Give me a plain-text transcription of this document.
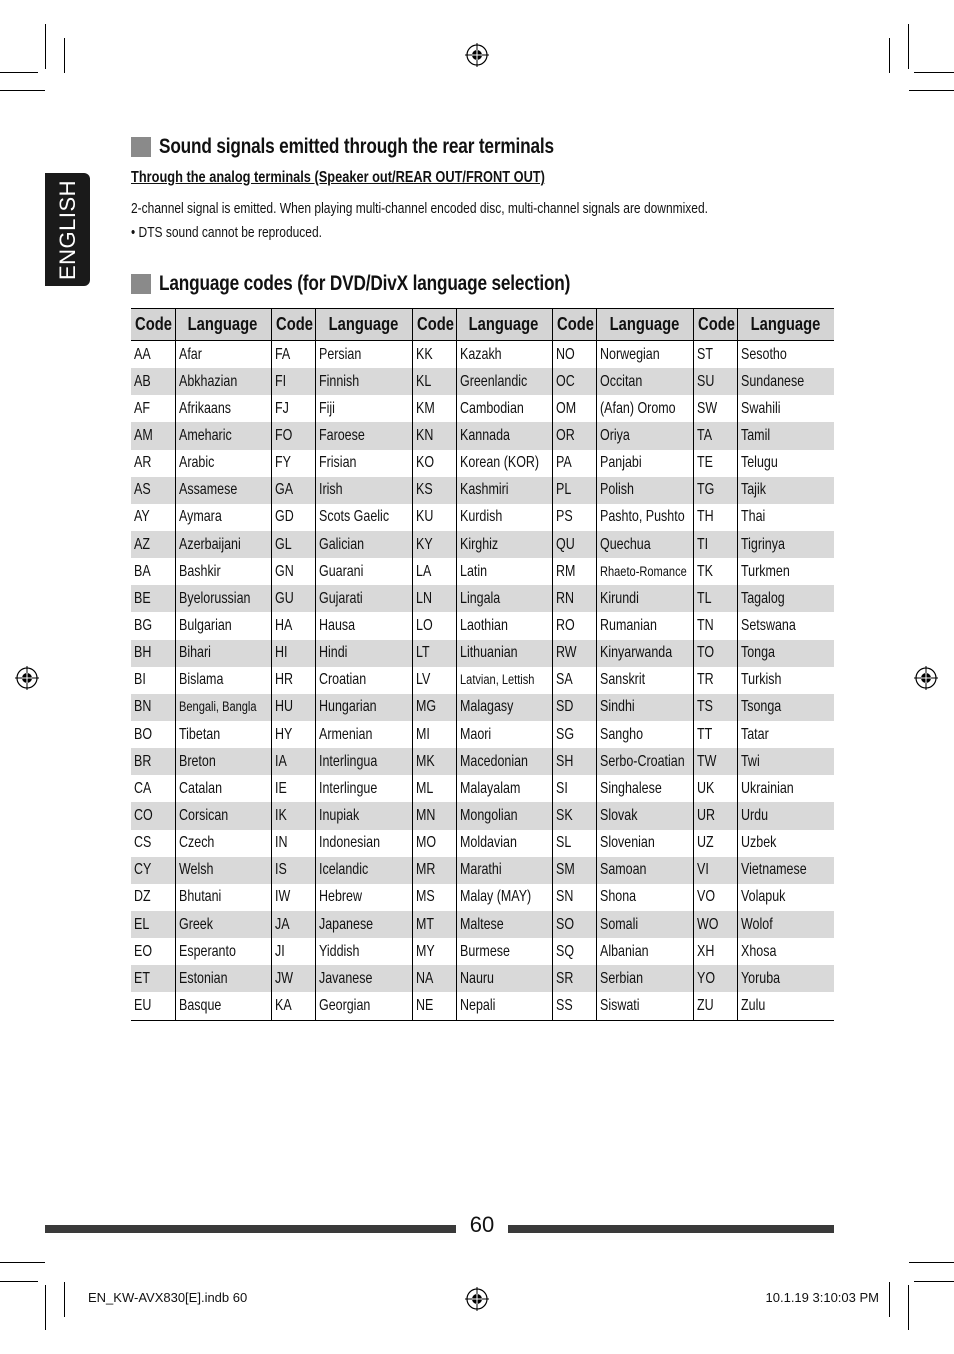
ENGLISH
Sound signals emitted through the rear terminals

Through the analog terminals (Speaker out/REAR OUT/FRONT OUT)

2-channel signal is emitted. When playing multi-channel encoded disc, multi-channel signals are downmixed.

• DTS sound cannot be reproduced.

Language codes (for DVD/DivX language selection)
Code	Language	Code	Language	Code	Language	Code	Language	Code	Language
AA	Afar	FA	Persian	KK	Kazakh	NO	Norwegian	ST	Sesotho
AB	Abkhazian	FI	Finnish	KL	Greenlandic	OC	Occitan	SU	Sundanese
AF	Afrikaans	FJ	Fiji	KM	Cambodian	OM	(Afan) Oromo	SW	Swahili
AM	Ameharic	FO	Faroese	KN	Kannada	OR	Oriya	TA	Tamil
AR	Arabic	FY	Frisian	KO	Korean (KOR)	PA	Panjabi	TE	Telugu
AS	Assamese	GA	Irish	KS	Kashmiri	PL	Polish	TG	Tajik
AY	Aymara	GD	Scots Gaelic	KU	Kurdish	PS	Pashto, Pushto	TH	Thai
AZ	Azerbaijani	GL	Galician	KY	Kirghiz	QU	Quechua	TI	Tigrinya
BA	Bashkir	GN	Guarani	LA	Latin	RM	Rhaeto-Romance	TK	Turkmen
BE	Byelorussian	GU	Gujarati	LN	Lingala	RN	Kirundi	TL	Tagalog
BG	Bulgarian	HA	Hausa	LO	Laothian	RO	Rumanian	TN	Setswana
BH	Bihari	HI	Hindi	LT	Lithuanian	RW	Kinyarwanda	TO	Tonga
BI	Bislama	HR	Croatian	LV	Latvian, Lettish	SA	Sanskrit	TR	Turkish
BN	Bengali, Bangla	HU	Hungarian	MG	Malagasy	SD	Sindhi	TS	Tsonga
BO	Tibetan	HY	Armenian	MI	Maori	SG	Sangho	TT	Tatar
BR	Breton	IA	Interlingua	MK	Macedonian	SH	Serbo-Croatian	TW	Twi
CA	Catalan	IE	Interlingue	ML	Malayalam	SI	Singhalese	UK	Ukrainian
CO	Corsican	IK	Inupiak	MN	Mongolian	SK	Slovak	UR	Urdu
CS	Czech	IN	Indonesian	MO	Moldavian	SL	Slovenian	UZ	Uzbek
CY	Welsh	IS	Icelandic	MR	Marathi	SM	Samoan	VI	Vietnamese
DZ	Bhutani	IW	Hebrew	MS	Malay (MAY)	SN	Shona	VO	Volapuk
EL	Greek	JA	Japanese	MT	Maltese	SO	Somali	WO	Wolof
EO	Esperanto	JI	Yiddish	MY	Burmese	SQ	Albanian	XH	Xhosa
ET	Estonian	JW	Javanese	NA	Nauru	SR	Serbian	YO	Yoruba
EU	Basque	KA	Georgian	NE	Nepali	SS	Siswati	ZU	Zulu
60
EN_KW-AVX830[E].indb 60	10.1.19 3:10:03 PM
